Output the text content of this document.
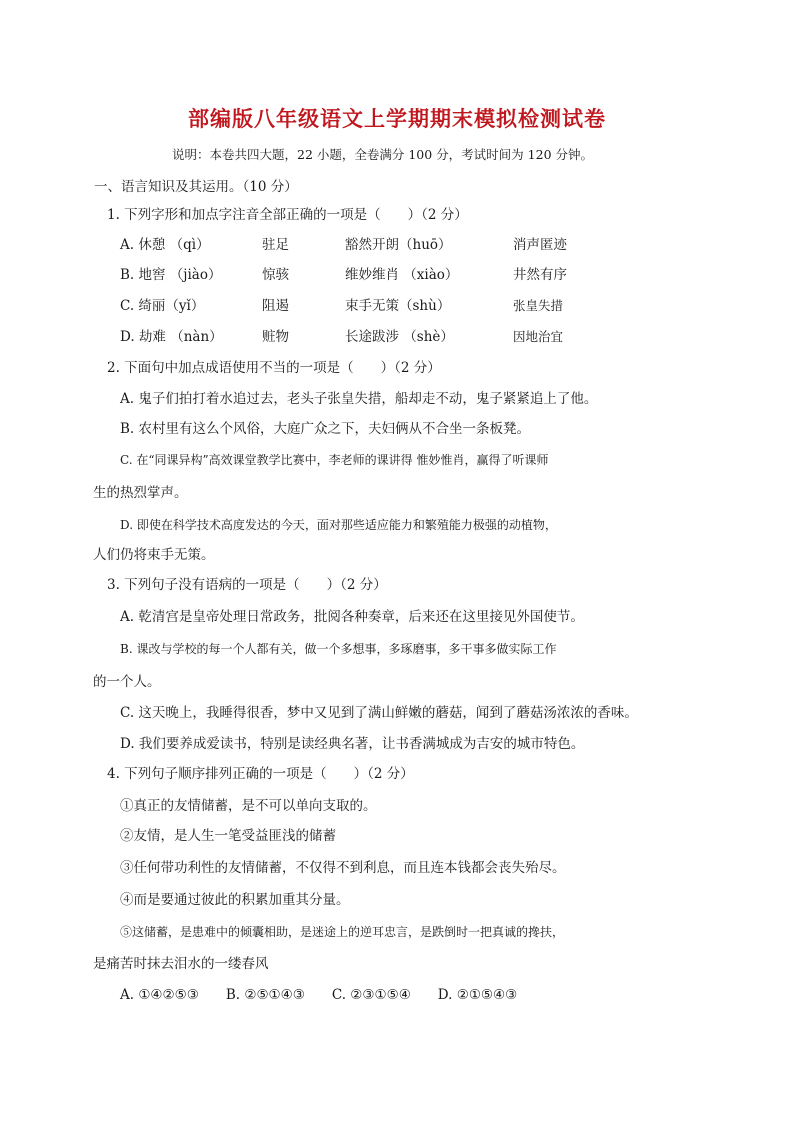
部编版八年级语文上学期期末模拟检测试卷
说明：本卷共四大题，22 小题，全卷满分 100 分，考试时间为 120 分钟。
一、语言知识及其运用。（10 分）
1. 下列字形和加点字注音全部正确的一项是（　　）（2 分）
A. 休憩 （qì）	驻足	豁然开朗（huō）	消声匿迹
B. 地窖 （jiào）	惊骇	维妙维肖 （xiào）	井然有序
C. 绮丽（yǐ）	阻遏	束手无策（shù）	张皇失措
D. 劫难 （nàn）	赃物	长途跋涉 （shè）	因地治宜
2. 下面句中加点成语使用不当的一项是（　　）（2 分）
A. 鬼子们拍打着水追过去，老头子张皇失措，船却走不动，鬼子紧紧追上了他。
B. 农村里有这么个风俗，大庭广众之下，夫妇俩从不合坐一条板凳。
C. 在“同课异构”高效课堂教学比赛中，李老师的课讲得 惟妙惟肖，赢得了听课师
生的热烈掌声。
D. 即使在科学技术高度发达的今天，面对那些适应能力和繁殖能力极强的动植物，
人们仍将束手无策。
3. 下列句子没有语病的一项是（　　）（2 分）
A. 乾清宫是皇帝处理日常政务，批阅各种奏章，后来还在这里接见外国使节。
B. 课改与学校的每一个人都有关，做一个多想事，多琢磨事，多干事多做实际工作
的一个人。
C. 这天晚上，我睡得很香，梦中又见到了满山鲜嫩的蘑菇，闻到了蘑菇汤浓浓的香味。
D. 我们要养成爱读书，特别是读经典名著，让书香满城成为吉安的城市特色。
4. 下列句子顺序排列正确的一项是（　　）（2 分）
①真正的友情储蓄，是不可以单向支取的。
②友情，是人生一笔受益匪浅的储蓄
③任何带功利性的友情储蓄，不仅得不到利息，而且连本钱都会丧失殆尽。
④而是要通过彼此的积累加重其分量。
⑤这储蓄，是患难中的倾囊相助，是迷途上的逆耳忠言，是跌倒时一把真诚的搀扶，
是痛苦时抹去泪水的一缕春风
A. ①④②⑤③　　B. ②⑤①④③　　C. ②③①⑤④　　D. ②①⑤④③
